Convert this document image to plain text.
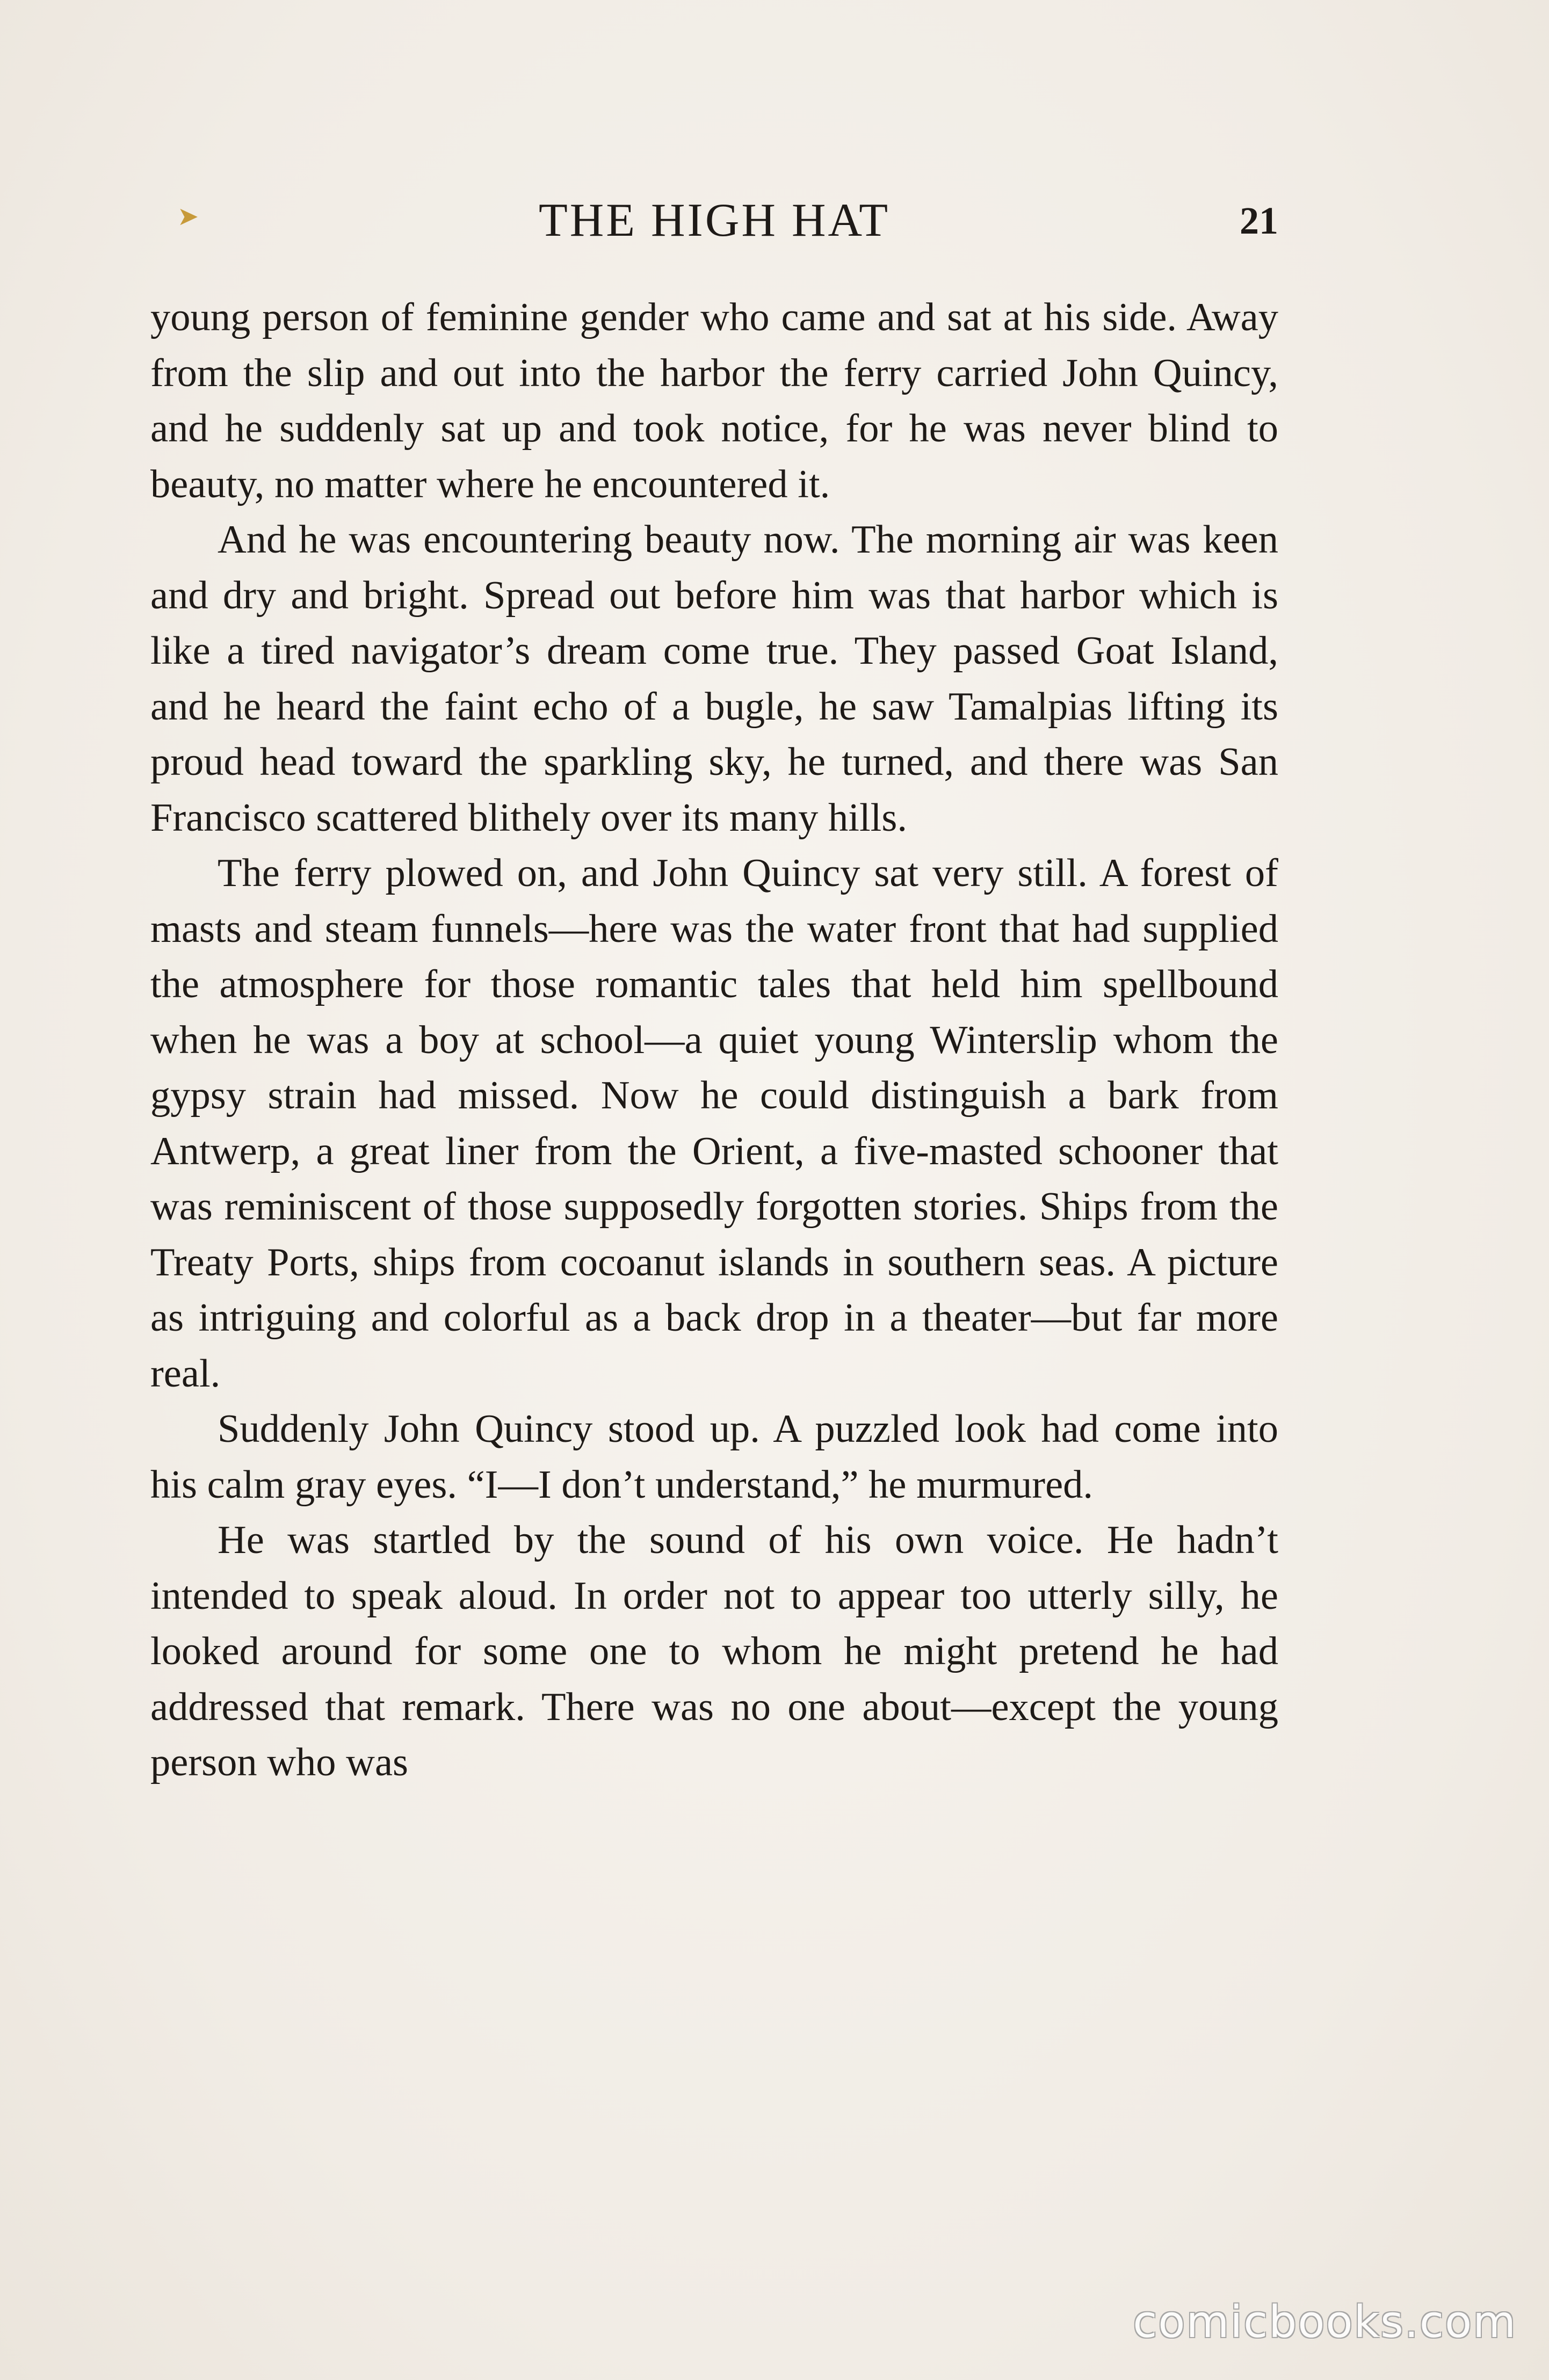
➤	THE HIGH HAT	21

young person of feminine gender who came and sat at his side. Away from the slip and out into the harbor the ferry carried John Quincy, and he suddenly sat up and took notice, for he was never blind to beauty, no matter where he encountered it.

And he was encountering beauty now. The morning air was keen and dry and bright. Spread out before him was that harbor which is like a tired navigator’s dream come true. They passed Goat Island, and he heard the faint echo of a bugle, he saw Tamalpias lifting its proud head toward the sparkling sky, he turned, and there was San Francisco scattered blithely over its many hills.

The ferry plowed on, and John Quincy sat very still. A forest of masts and steam funnels—here was the water front that had supplied the atmosphere for those romantic tales that held him spellbound when he was a boy at school—a quiet young Winterslip whom the gypsy strain had missed. Now he could distinguish a bark from Antwerp, a great liner from the Orient, a five-masted schooner that was reminiscent of those supposedly forgotten stories. Ships from the Treaty Ports, ships from cocoanut islands in southern seas. A picture as intriguing and colorful as a back drop in a theater—but far more real.

Suddenly John Quincy stood up. A puzzled look had come into his calm gray eyes. “I—I don’t understand,” he murmured.

He was startled by the sound of his own voice. He hadn’t intended to speak aloud. In order not to appear too utterly silly, he looked around for some one to whom he might pretend he had addressed that remark. There was no one about—except the young person who was

comicbooks.com
